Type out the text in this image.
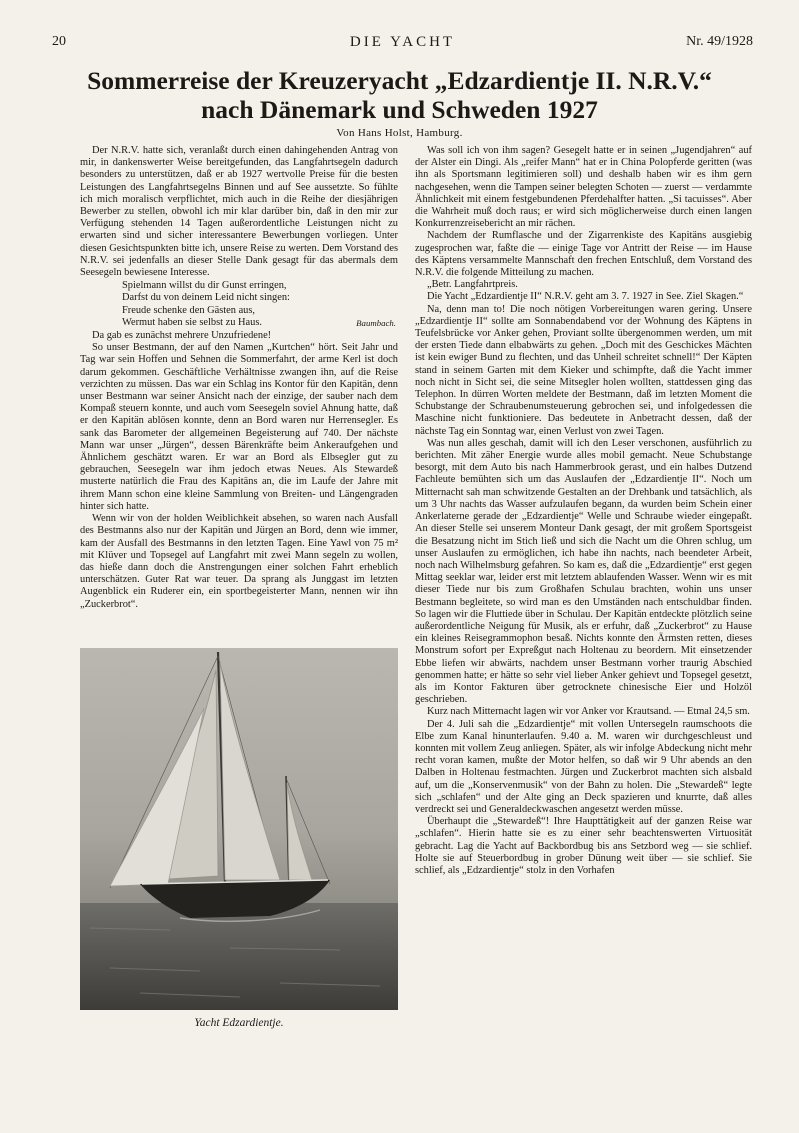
20	DIE YACHT	Nr. 49/1928
Sommerreise der Kreuzeryacht „Edzardientje II. N.R.V.“
nach Dänemark und Schweden 1927
Von Hans Holst, Hamburg.

Der N.R.V. hatte sich, veranlaßt durch einen dahingehenden Antrag von mir, in dankenswerter Weise bereitgefunden, das Langfahrtsegeln dadurch besonders zu unterstützen, daß er ab 1927 wertvolle Preise für die besten Leistungen des Langfahrtsegelns Binnen und auf See aussetzte. So fühlte ich mich moralisch verpflichtet, mich auch in die Reihe der diesjährigen Bewerber zu stellen, obwohl ich mir klar darüber bin, daß in den mir zur Verfügung stehenden 14 Tagen außerordentliche Leistungen nicht zu erwarten sind und sicher interessantere Bewerbungen vorliegen. Unter diesen Gesichtspunkten bitte ich, unsere Reise zu werten. Dem Vorstand des N.R.V. sei jedenfalls an dieser Stelle Dank gesagt für das abermals dem Seesegeln bewiesene Interesse.

Spielmann willst du dir Gunst erringen,
Darfst du von deinem Leid nicht singen:
Freude schenke den Gästen aus,
Wermut haben sie selbst zu Haus.	Baumbach.

Da gab es zunächst mehrere Unzufriedene!

So unser Bestmann, der auf den Namen „Kurtchen“ hört. Seit Jahr und Tag war sein Hoffen und Sehnen die Sommerfahrt, der arme Kerl ist doch darum gekommen. Geschäftliche Verhältnisse zwangen ihn, auf die Reise verzichten zu müssen. Das war ein Schlag ins Kontor für den Kapitän, denn unser Bestmann war seiner Ansicht nach der einzige, der sauber nach dem Kompaß steuern konnte, und auch vom Seesegeln soviel Ahnung hatte, daß er den Kapitän ablösen konnte, denn an Bord waren nur Herrensegler. Es sank das Barometer der allgemeinen Begeisterung auf 740. Der nächste Mann war unser „Jürgen“, dessen Bärenkräfte beim Ankeraufgehen und Ähnlichem geschätzt waren. Er war an Bord als Elbsegler gut zu gebrauchen, Seesegeln war ihm jedoch etwas Neues. Als Stewardeß musterte natürlich die Frau des Kapitäns an, die im Laufe der Jahre mit ihrem Mann schon eine kleine Sammlung von Breiten- und Längengraden hinter sich hatte.

Wenn wir von der holden Weiblichkeit absehen, so waren nach Ausfall des Bestmanns also nur der Kapitän und Jürgen an Bord, denn wie immer, kam der Ausfall des Bestmanns in den letzten Tagen. Eine Yawl von 75 m² mit Klüver und Topsegel auf Langfahrt mit zwei Mann segeln zu wollen, das hieße dann doch die Anstrengungen einer solchen Fahrt erheblich unterschätzen. Guter Rat war teuer. Da sprang als Junggast im letzten Augenblick ein Ruderer ein, ein sportbegeisterter Mann, nennen wir ihn „Zuckerbrot“.

Yacht Edzardientje.

Was soll ich von ihm sagen? Gesegelt hatte er in seinen „Jugendjahren“ auf der Alster ein Dingi. Als „reifer Mann“ hat er in China Polopferde geritten (was ihn als Sportsmann legitimieren soll) und deshalb haben wir es ihm gern nachgesehen, wenn die Tampen seiner belegten Schoten — zuerst — verdammte Ähnlichkeit mit einem festgebundenen Pferdehalfter hatten. „Si tacuisses“. Aber die Wahrheit muß doch raus; er wird sich möglicherweise durch einen langen Konkurrenzreisebericht an mir rächen.

Nachdem der Rumflasche und der Zigarrenkiste des Kapitäns ausgiebig zugesprochen war, faßte die — einige Tage vor Antritt der Reise — im Hause des Käptens versammelte Mannschaft den frechen Entschluß, dem Vorstand des N.R.V. die folgende Mitteilung zu machen.

„Betr. Langfahrtpreis.

Die Yacht „Edzardientje II“ N.R.V. geht am 3. 7. 1927 in See. Ziel Skagen.“

Na, denn man to! Die noch nötigen Vorbereitungen waren gering. Unsere „Edzardientje II“ sollte am Sonnabendabend vor der Wohnung des Käptens in Teufelsbrücke vor Anker gehen, Proviant sollte übergenommen werden, um mit der ersten Tiede dann elbabwärts zu gehen. „Doch mit des Geschickes Mächten ist kein ewiger Bund zu flechten, und das Unheil schreitet schnell!“ Der Käpten stand in seinem Garten mit dem Kieker und schimpfte, daß die Yacht immer noch nicht in Sicht sei, die seine Mitsegler holen wollten, stattdessen ging das Telephon. In dürren Worten meldete der Bestmann, daß im letzten Moment die Schubstange der Schraubenumsteuerung gebrochen sei, und infolgedessen die Maschine nicht funktioniere. Das bedeutete in Anbetracht dessen, daß der nächste Tag ein Sonntag war, einen Verlust von zwei Tagen.

Was nun alles geschah, damit will ich den Leser verschonen, ausführlich zu berichten. Mit zäher Energie wurde alles mobil gemacht. Neue Schubstange besorgt, mit dem Auto bis nach Hammerbrook gerast, und ein halbes Dutzend Fachleute bemühten sich um das Auslaufen der „Edzardientje II“. Noch um Mitternacht sah man schwitzende Gestalten an der Drehbank und tatsächlich, als um 3 Uhr nachts das Wasser aufzulaufen begann, da wurden beim Schein einer Ankerlaterne gerade der „Edzardientje“ Welle und Schraube wieder eingepaßt. An dieser Stelle sei unserem Monteur Dank gesagt, der mit großem Sportsgeist die Besatzung nicht im Stich ließ und sich die Nacht um die Ohren schlug, um unser Auslaufen zu ermöglichen, ich habe ihn nachts, nach beendeter Arbeit, noch nach Wilhelmsburg gefahren. So kam es, daß die „Edzardientje“ erst gegen Mittag seeklar war, leider erst mit letztem ablaufenden Wasser. Wenn wir es mit dieser Tiede nur bis zum Großhafen Schulau brachten, wohin uns unser Bestmann begleitete, so wird man es den Umständen nach entschuldbar finden. So lagen wir die Fluttiede über in Schulau. Der Kapitän entdeckte plötzlich seine außerordentliche Neigung für Musik, als er erfuhr, daß „Zuckerbrot“ zu Hause ein kleines Reisegrammophon besaß. Nichts konnte den Ärmsten retten, dieses Monstrum sofort per Expreßgut nach Holtenau zu beordern. Mit einsetzender Ebbe liefen wir abwärts, nachdem unser Bestmann vorher traurig Abschied genommen hatte; er hätte so sehr viel lieber Anker gehievt und Topsegel gesetzt, als im Kontor Fakturen über getrocknete chinesische Eier und Holzöl geschrieben.

Kurz nach Mitternacht lagen wir vor Anker vor Krautsand. — Etmal 24,5 sm.

Der 4. Juli sah die „Edzardientje“ mit vollen Untersegeln raumschoots die Elbe zum Kanal hinunterlaufen. 9.40 a. M. waren wir durchgeschleust und konnten mit vollem Zeug anliegen. Später, als wir infolge Abdeckung nicht mehr recht voran kamen, mußte der Motor helfen, so daß wir 9 Uhr abends an den Dalben in Holtenau festmachten. Jürgen und Zuckerbrot machten sich alsbald auf, um die „Konservenmusik“ von der Bahn zu holen. Die „Stewardeß“ legte sich „schlafen“ und der Alte ging an Deck spazieren und knurrte, daß alles verdreckt sei und Generaldeckwaschen angesetzt werden müsse.

Überhaupt die „Stewardeß“! Ihre Haupttätigkeit auf der ganzen Reise war „schlafen“. Hierin hatte sie es zu einer sehr beachtenswerten Virtuosität gebracht. Lag die Yacht auf Backbordbug bis ans Setzbord weg — sie schlief. Holte sie auf Steuerbordbug in grober Dünung weit über — sie schlief. Sie schlief, als „Edzardientje“ stolz in den Vorhafen
